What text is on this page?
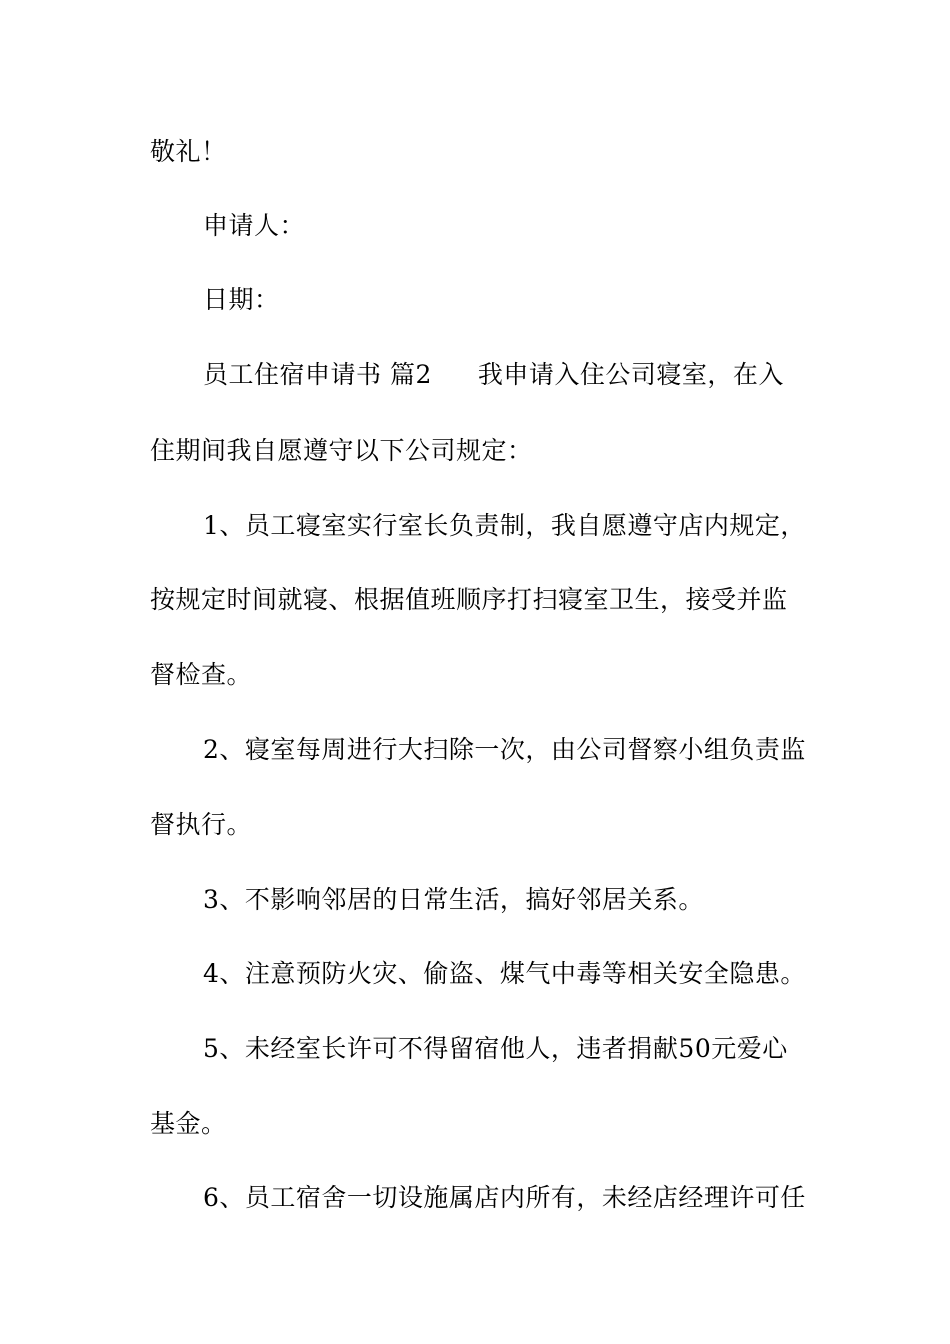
敬礼！
申请人：
日期：
员工住宿申请书 篇2 我申请入住公司寝室，在入
住期间我自愿遵守以下公司规定：
1、员工寝室实行室长负责制，我自愿遵守店内规定，
按规定时间就寝、根据值班顺序打扫寝室卫生，接受并监
督检查。
2、寝室每周进行大扫除一次，由公司督察小组负责监
督执行。
3、不影响邻居的日常生活，搞好邻居关系。
4、注意预防火灾、偷盗、煤气中毒等相关安全隐患。
5、未经室长许可不得留宿他人，违者捐献50元爱心
基金。
6、员工宿舍一切设施属店内所有，未经店经理许可任
